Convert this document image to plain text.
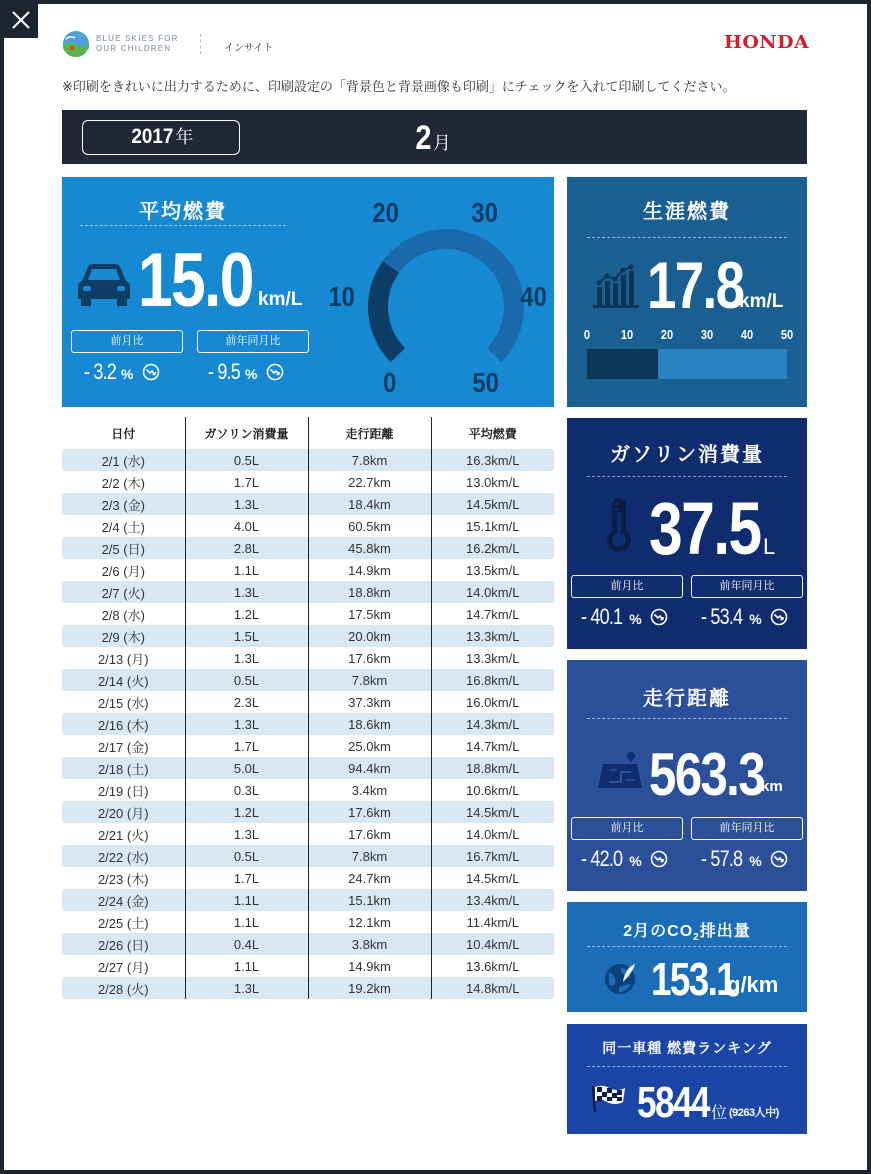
BLUE SKIES FOR
OUR CHILDREN	インサイト	HONDA
※印刷をきれいに出力するために、印刷設定の「背景色と背景画像も印刷」にチェックを入れて印刷してください。
2017 年	2月
平均燃費
15.0 km/L
前月比	前年同月比
- 3.2 %	- 9.5 %	0
10
20	30
40
50
生涯燃費
17.8
km/L
0 10 20 30 40 50
ガソリン消費量
37.5 L
前月比	前年同月比
- 40.1 %	- 53.4 %
走行距離
563.3
km
前月比	前年同月比
- 42.0 %	- 57.8 %
2月の$CO_2$排出量
153.1
g/km
同一車種 燃費ランキング
5844 位 (9263人中)
日付	ガソリン消費量	走行距離	平均燃費
2/1 (水)	0.5L	7.8km	16.3km/L
2/2 (木)	1.7L	22.7km	13.0km/L
2/3 (金)	1.3L	18.4km	14.5km/L
2/4 (土)	4.0L	60.5km	15.1km/L
2/5 (日)	2.8L	45.8km	16.2km/L
2/6 (月)	1.1L	14.9km	13.5km/L
2/7 (火)	1.3L	18.8km	14.0km/L
2/8 (水)	1.2L	17.5km	14.7km/L
2/9 (木)	1.5L	20.0km	13.3km/L
2/13 (月)	1.3L	17.6km	13.3km/L
2/14 (火)	0.5L	7.8km	16.8km/L
2/15 (水)	2.3L	37.3km	16.0km/L
2/16 (木)	1.3L	18.6km	14.3km/L
2/17 (金)	1.7L	25.0km	14.7km/L
2/18 (土)	5.0L	94.4km	18.8km/L
2/19 (日)	0.3L	3.4km	10.6km/L
2/20 (月)	1.2L	17.6km	14.5km/L
2/21 (火)	1.3L	17.6km	14.0km/L
2/22 (水)	0.5L	7.8km	16.7km/L
2/23 (木)	1.7L	24.7km	14.5km/L
2/24 (金)	1.1L	15.1km	13.4km/L
2/25 (土)	1.1L	12.1km	11.4km/L
2/26 (日)	0.4L	3.8km	10.4km/L
2/27 (月)	1.1L	14.9km	13.6km/L
2/28 (火)	1.3L	19.2km	14.8km/L
